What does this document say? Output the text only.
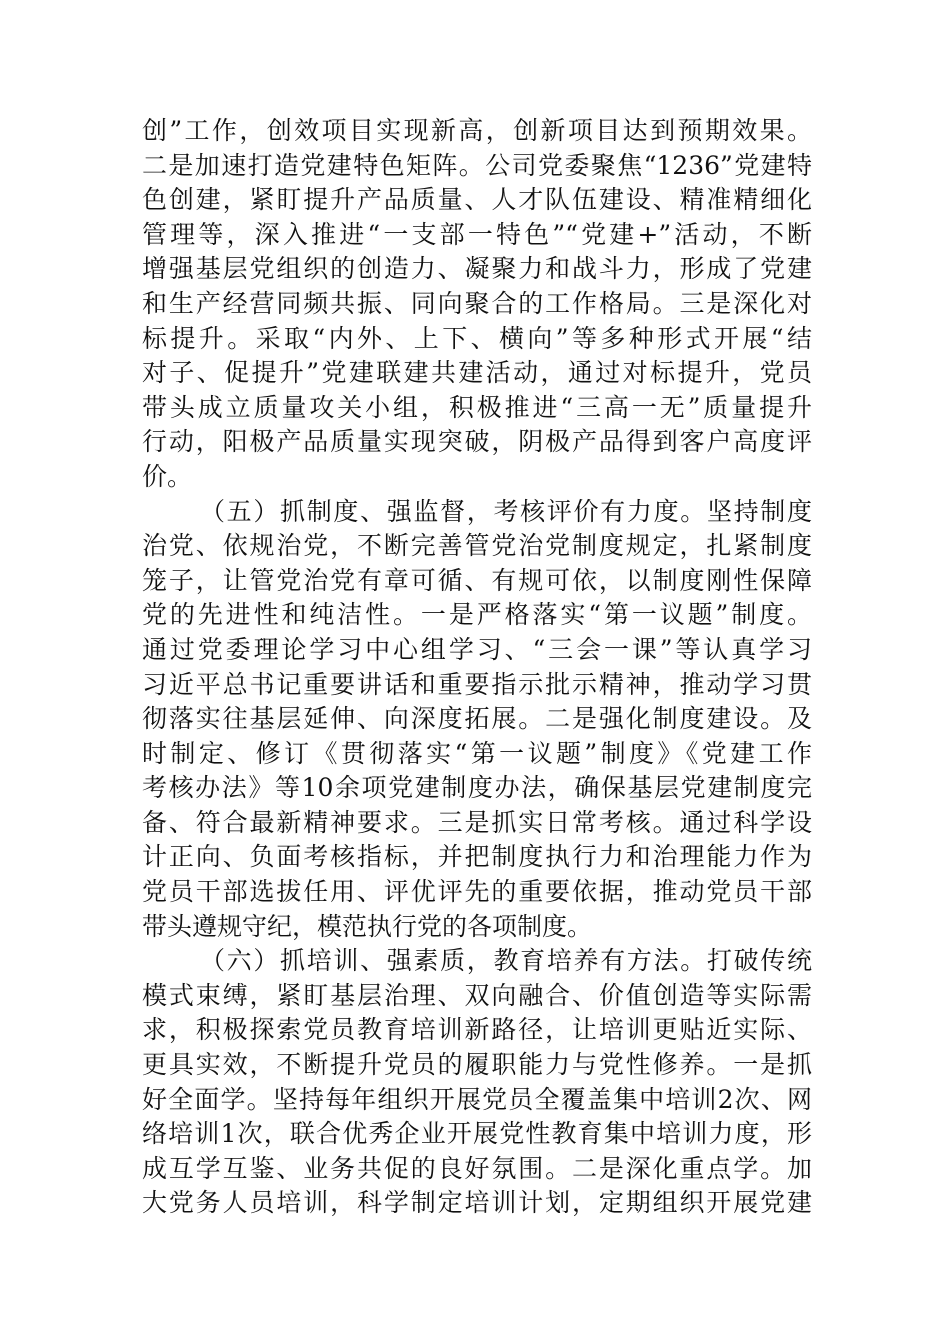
创”工作，创效项目实现新高，创新项目达到预期效果。
二是加速打造党建特色矩阵。公司党委聚焦“1236”党建特
色创建，紧盯提升产品质量、人才队伍建设、精准精细化
管理等，深入推进“一支部一特色”“党建+”活动，不断
增强基层党组织的创造力、凝聚力和战斗力，形成了党建
和生产经营同频共振、同向聚合的工作格局。三是深化对
标提升。采取“内外、上下、横向”等多种形式开展“结
对子、促提升”党建联建共建活动，通过对标提升，党员
带头成立质量攻关小组，积极推进“三高一无”质量提升
行动，阳极产品质量实现突破，阴极产品得到客户高度评
价。
（五）抓制度、强监督，考核评价有力度。坚持制度
治党、依规治党，不断完善管党治党制度规定，扎紧制度
笼子，让管党治党有章可循、有规可依，以制度刚性保障
党的先进性和纯洁性。一是严格落实“第一议题”制度。
通过党委理论学习中心组学习、“三会一课”等认真学习
习近平总书记重要讲话和重要指示批示精神，推动学习贯
彻落实往基层延伸、向深度拓展。二是强化制度建设。及
时制定、修订《贯彻落实“第一议题”制度》《党建工作
考核办法》等10余项党建制度办法，确保基层党建制度完
备、符合最新精神要求。三是抓实日常考核。通过科学设
计正向、负面考核指标，并把制度执行力和治理能力作为
党员干部选拔任用、评优评先的重要依据，推动党员干部
带头遵规守纪，模范执行党的各项制度。
（六）抓培训、强素质，教育培养有方法。打破传统
模式束缚，紧盯基层治理、双向融合、价值创造等实际需
求，积极探索党员教育培训新路径，让培训更贴近实际、
更具实效，不断提升党员的履职能力与党性修养。一是抓
好全面学。坚持每年组织开展党员全覆盖集中培训2次、网
络培训1次，联合优秀企业开展党性教育集中培训力度，形
成互学互鉴、业务共促的良好氛围。二是深化重点学。加
大党务人员培训，科学制定培训计划，定期组织开展党建
